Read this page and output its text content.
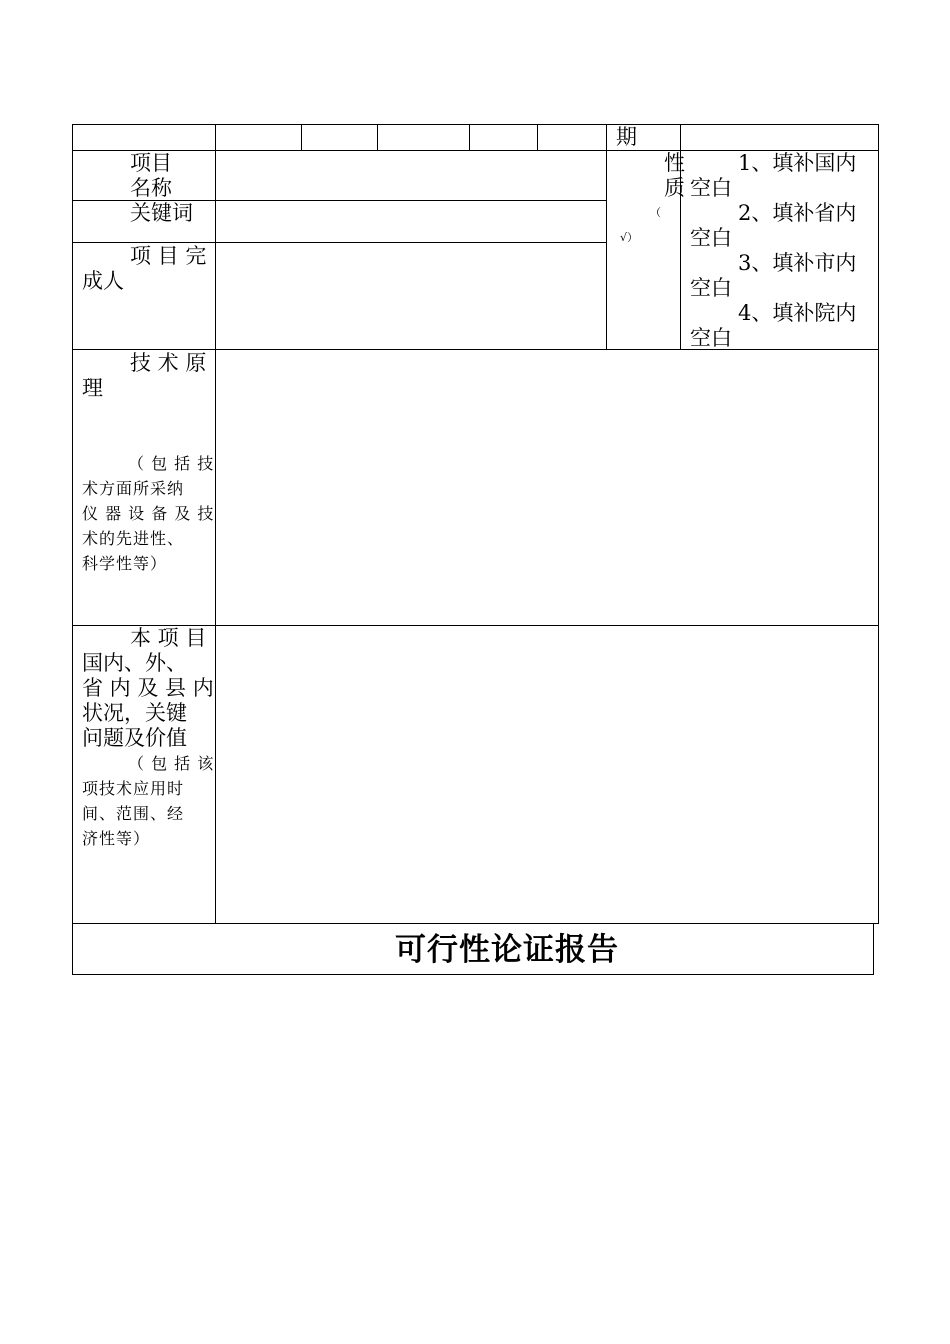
期
项目
名称
关键词
项 目 完
成人
性
质
（
√）
1、填补国内
空白
2、填补省内
空白
3、填补市内
空白
4、填补院内
空白
技 术 原
理
（ 包 括 技
术方面所采纳
仪 器 设 备 及 技
术的先进性、
科学性等）
本 项 目
国内、外、
省 内 及 县 内
状况，关键
问题及价值
（ 包 括 该
项技术应用时
间、范围、经
济性等）
可行性论证报告
